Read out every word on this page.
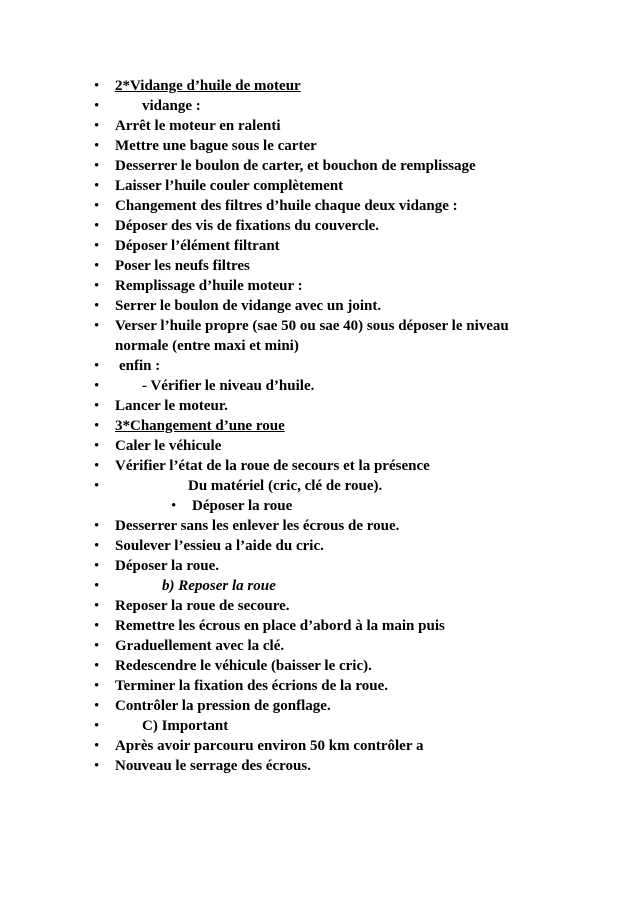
• 2*Vidange d’huile de moteur
•	vidange :
• Arrêt le moteur en ralenti
• Mettre une bague sous le carter
• Desserrer le boulon de carter, et bouchon de remplissage
• Laisser l’huile couler complètement
• Changement des filtres d’huile chaque deux vidange :
• Déposer des vis de fixations du couvercle.
• Déposer l’élément filtrant
• Poser les neufs filtres
• Remplissage d’huile moteur :
• Serrer le boulon de vidange avec un joint.
• Verser l’huile propre (sae 50 ou sae 40) sous déposer le niveau normale (entre maxi et mini)
• enfin :
•	- Vérifier le niveau d’huile.
• Lancer le moteur.
• 3*Changement d’une roue
• Caler le véhicule
• Vérifier l’état de la roue de secours et la présence
•	Du matériel (cric, clé de roue).
• Déposer la roue
• Desserrer sans les enlever les écrous de roue.
• Soulever l’essieu a l’aide du cric.
• Déposer la roue.
•	b) Reposer la roue
• Reposer la roue de secoure.
• Remettre les écrous en place d’abord à la main puis
• Graduellement avec la clé.
• Redescendre le véhicule (baisser le cric).
• Terminer la fixation des écrions de la roue.
• Contrôler la pression de gonflage.
•	C) Important
• Après avoir parcouru environ 50 km contrôler a
• Nouveau le serrage des écrous.
